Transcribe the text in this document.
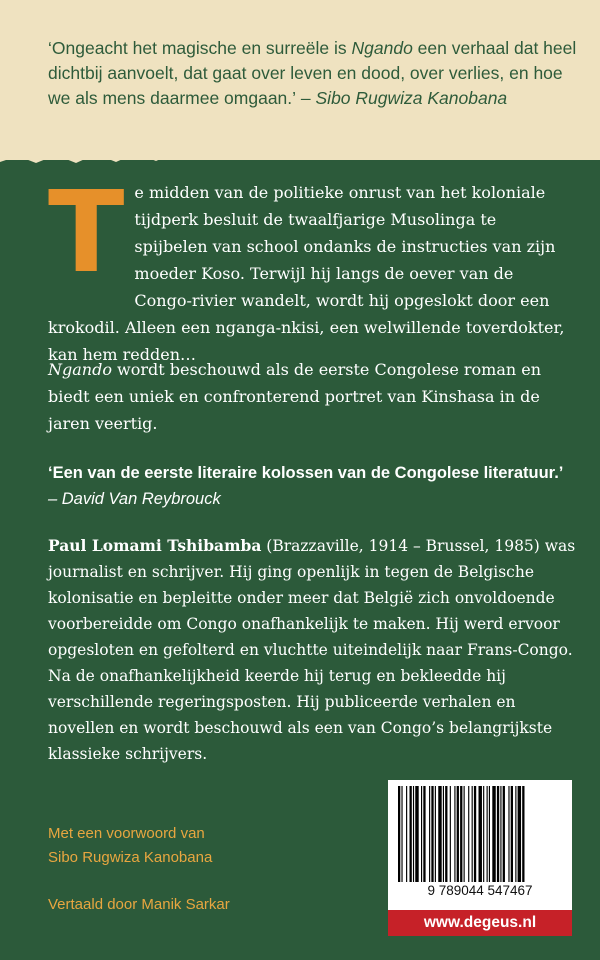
‘Ongeacht het magische en surreële is Ngando een verhaal dat heel dichtbij aanvoelt, dat gaat over leven en dood, over verlies, en hoe we als mens daarmee omgaan.’ – Sibo Rugwiza Kanobana

Te midden van de politieke onrust van het koloniale tijdperk besluit de twaalfjarige Musolinga te spijbelen van school ondanks de instructies van zijn moeder Koso. Terwijl hij langs de oever van de Congo-rivier wandelt, wordt hij opgeslokt door een krokodil. Alleen een nganga-nkisi, een welwillende toverdokter, kan hem redden…

Ngando wordt beschouwd als de eerste Congolese roman en biedt een uniek en confronterend portret van Kinshasa in de jaren veertig.

‘Een van de eerste literaire kolossen van de Congolese literatuur.’ – David Van Reybrouck

Paul Lomami Tshibamba (Brazzaville, 1914 – Brussel, 1985) was journalist en schrijver. Hij ging openlijk in tegen de Belgische kolonisatie en bepleitte onder meer dat België zich onvoldoende voorbereidde om Congo onafhankelijk te maken. Hij werd ervoor opgesloten en gefolterd en vluchtte uiteindelijk naar Frans-Congo. Na de onafhankelijkheid keerde hij terug en bekleedde hij verschillende regeringsposten. Hij publiceerde verhalen en novellen en wordt beschouwd als een van Congo’s belangrijkste klassieke schrijvers.

Met een voorwoord van
Sibo Rugwiza Kanobana

Vertaald door Manik Sarkar

9 789044 547467
www.degeus.nl
